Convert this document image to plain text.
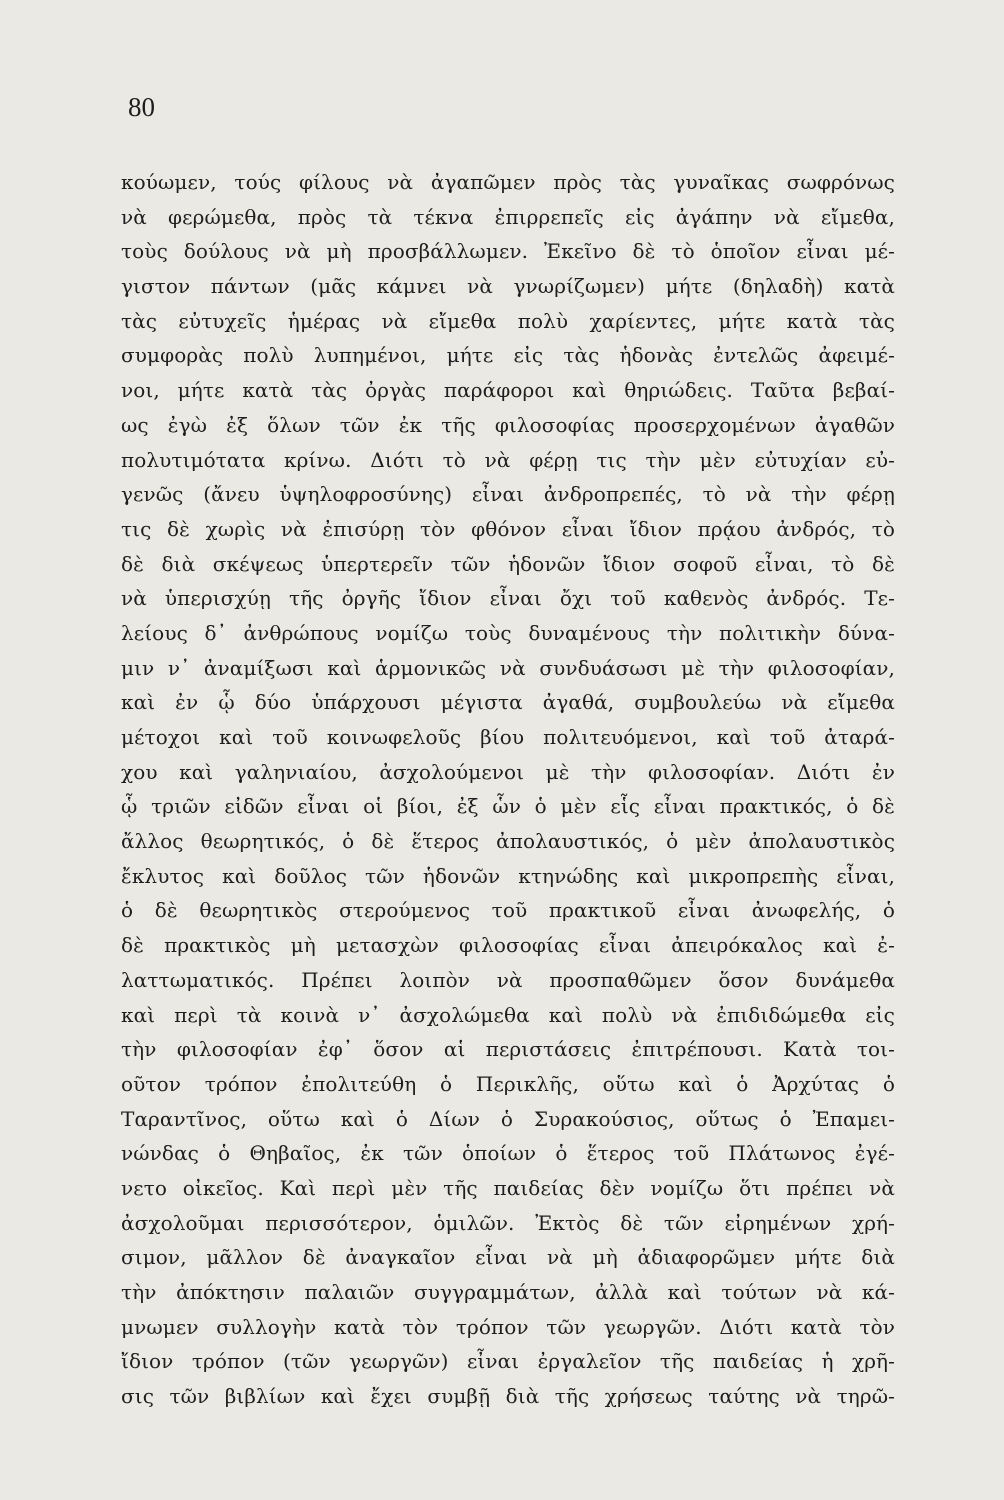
80
κούωμεν, τούς φίλους νὰ ἀγαπῶμεν πρὸς τὰς γυναῖκας σωφρόνως
νὰ φερώμεθα, πρὸς τὰ τέκνα ἐπιρρεπεῖς εἰς ἀγάπην νὰ εἴμεθα,
τοὺς δούλους νὰ μὴ προσβάλλωμεν. Ἐκεῖνο δὲ τὸ ὁποῖον εἶναι μέ-
γιστον πάντων (μᾶς κάμνει νὰ γνωρίζωμεν) μήτε (δηλαδὴ) κατὰ
τὰς εὐτυχεῖς ἡμέρας νὰ εἴμεθα πολὺ χαρίεντες, μήτε κατὰ τὰς
συμφορὰς πολὺ λυπημένοι, μήτε εἰς τὰς ἡδονὰς ἐντελῶς ἀφειμέ-
νοι, μήτε κατὰ τὰς ὀργὰς παράφοροι καὶ θηριώδεις. Ταῦτα βεβαί-
ως ἐγὼ ἐξ ὅλων τῶν ἐκ τῆς φιλοσοφίας προσερχομένων ἀγαθῶν
πολυτιμότατα κρίνω. Διότι τὸ νὰ φέρῃ τις τὴν μὲν εὐτυχίαν εὐ-
γενῶς (ἄνευ ὑψηλοφροσύνης) εἶναι ἀνδροπρεπές, τὸ νὰ τὴν φέρῃ
τις δὲ χωρὶς νὰ ἐπισύρῃ τὸν φθόνον εἶναι ἴδιον πρᾴου ἀνδρός, τὸ
δὲ διὰ σκέψεως ὑπερτερεῖν τῶν ἡδονῶν ἴδιον σοφοῦ εἶναι, τὸ δὲ
νὰ ὑπερισχύῃ τῆς ὀργῆς ἴδιον εἶναι ὄχι τοῦ καθενὸς ἀνδρός. Τε-
λείους δ᾽ ἀνθρώπους νομίζω τοὺς δυναμένους τὴν πολιτικὴν δύνα-
μιν ν᾽ ἀναμίξωσι καὶ ἁρμονικῶς νὰ συνδυάσωσι μὲ τὴν φιλοσοφίαν,
καὶ ἐν ᾧ δύο ὑπάρχουσι μέγιστα ἀγαθά, συμβουλεύω νὰ εἴμεθα
μέτοχοι καὶ τοῦ κοινωφελοῦς βίου πολιτευόμενοι, καὶ τοῦ ἀταρά-
χου καὶ γαληνιαίου, ἀσχολούμενοι μὲ τὴν φιλοσοφίαν. Διότι ἐν
ᾧ τριῶν εἰδῶν εἶναι οἱ βίοι, ἐξ ὧν ὁ μὲν εἷς εἶναι πρακτικός, ὁ δὲ
ἄλλος θεωρητικός, ὁ δὲ ἕτερος ἀπολαυστικός, ὁ μὲν ἀπολαυστικὸς
ἔκλυτος καὶ δοῦλος τῶν ἡδονῶν κτηνώδης καὶ μικροπρεπὴς εἶναι,
ὁ δὲ θεωρητικὸς στερούμενος τοῦ πρακτικοῦ εἶναι ἀνωφελής, ὁ
δὲ πρακτικὸς μὴ μετασχὼν φιλοσοφίας εἶναι ἀπειρόκαλος καὶ ἐ-
λαττωματικός. Πρέπει λοιπὸν νὰ προσπαθῶμεν ὅσον δυνάμεθα
καὶ περὶ τὰ κοινὰ ν᾽ ἀσχολώμεθα καὶ πολὺ νὰ ἐπιδιδώμεθα εἰς
τὴν φιλοσοφίαν ἐφ᾽ ὅσον αἱ περιστάσεις ἐπιτρέπουσι. Κατὰ τοι-
οῦτον τρόπον ἐπολιτεύθη ὁ Περικλῆς, οὕτω καὶ ὁ Ἀρχύτας ὁ
Ταραντῖνος, οὕτω καὶ ὁ Δίων ὁ Συρακούσιος, οὕτως ὁ Ἐπαμει-
νώνδας ὁ Θηβαῖος, ἐκ τῶν ὁποίων ὁ ἕτερος τοῦ Πλάτωνος ἐγέ-
νετο οἰκεῖος. Καὶ περὶ μὲν τῆς παιδείας δὲν νομίζω ὅτι πρέπει νὰ
ἀσχολοῦμαι περισσότερον, ὁμιλῶν. Ἐκτὸς δὲ τῶν εἰρημένων χρή-
σιμον, μᾶλλον δὲ ἀναγκαῖον εἶναι νὰ μὴ ἀδιαφορῶμεν μήτε διὰ
τὴν ἀπόκτησιν παλαιῶν συγγραμμάτων, ἀλλὰ καὶ τούτων νὰ κά-
μνωμεν συλλογὴν κατὰ τὸν τρόπον τῶν γεωργῶν. Διότι κατὰ τὸν
ἴδιον τρόπον (τῶν γεωργῶν) εἶναι ἐργαλεῖον τῆς παιδείας ἡ χρῆ-
σις τῶν βιβλίων καὶ ἔχει συμβῇ διὰ τῆς χρήσεως ταύτης νὰ τηρῶ-
